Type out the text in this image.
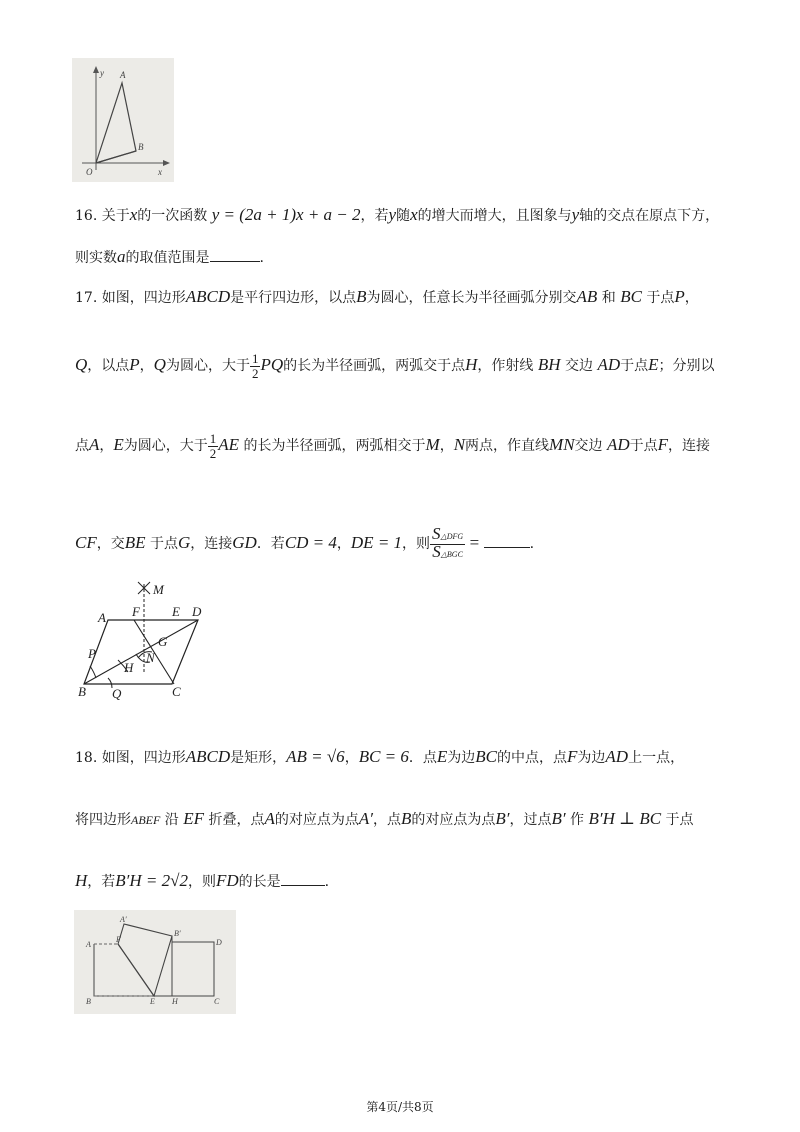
y A
B
O	x
16. 关于x的一次函数 y = (2a + 1)x + a − 2，若y随x的增大而增大，且图象与y轴的交点在原点下方，
则实数a的取值范围是	.
17. 如图，四边形ABCD是平行四边形，以点B为圆心，任意长为半径画弧分别交AB 和 BC 于点P，
Q，以点P，Q为圆心，大于 $\frac{1}{2}$ PQ的长为半径画弧，两弧交于点H，作射线 BH 交边 AD于点E；分别以
点A，E为圆心，大于 $\frac{1}{2}$ AE 的长为半径画弧，两弧相交于M，N两点，作直线MN交边 AD于点F，连接
CF，交BE 于点G，连接GD．若CD = 4，DE = 1，则 $\frac{\text{S△DFG}}{\text{S△BGC}}$ =	.
M
A F E D
G
P
H
N
B Q	C
18. 如图，四边形ABCD是矩形，AB = √6，BC = 6．点E为边BC的中点，点F为边AD上一点，
将四边形ABEF 沿 EF 折叠，点A的对应点为点A′，点B的对应点为点B′，过点B′ 作 B′H ⊥ BC 于点
H，若B′H = 2√2，则FD的长是	.
A′
A
F
B′
D
B	E H	C
第4页/共8页
